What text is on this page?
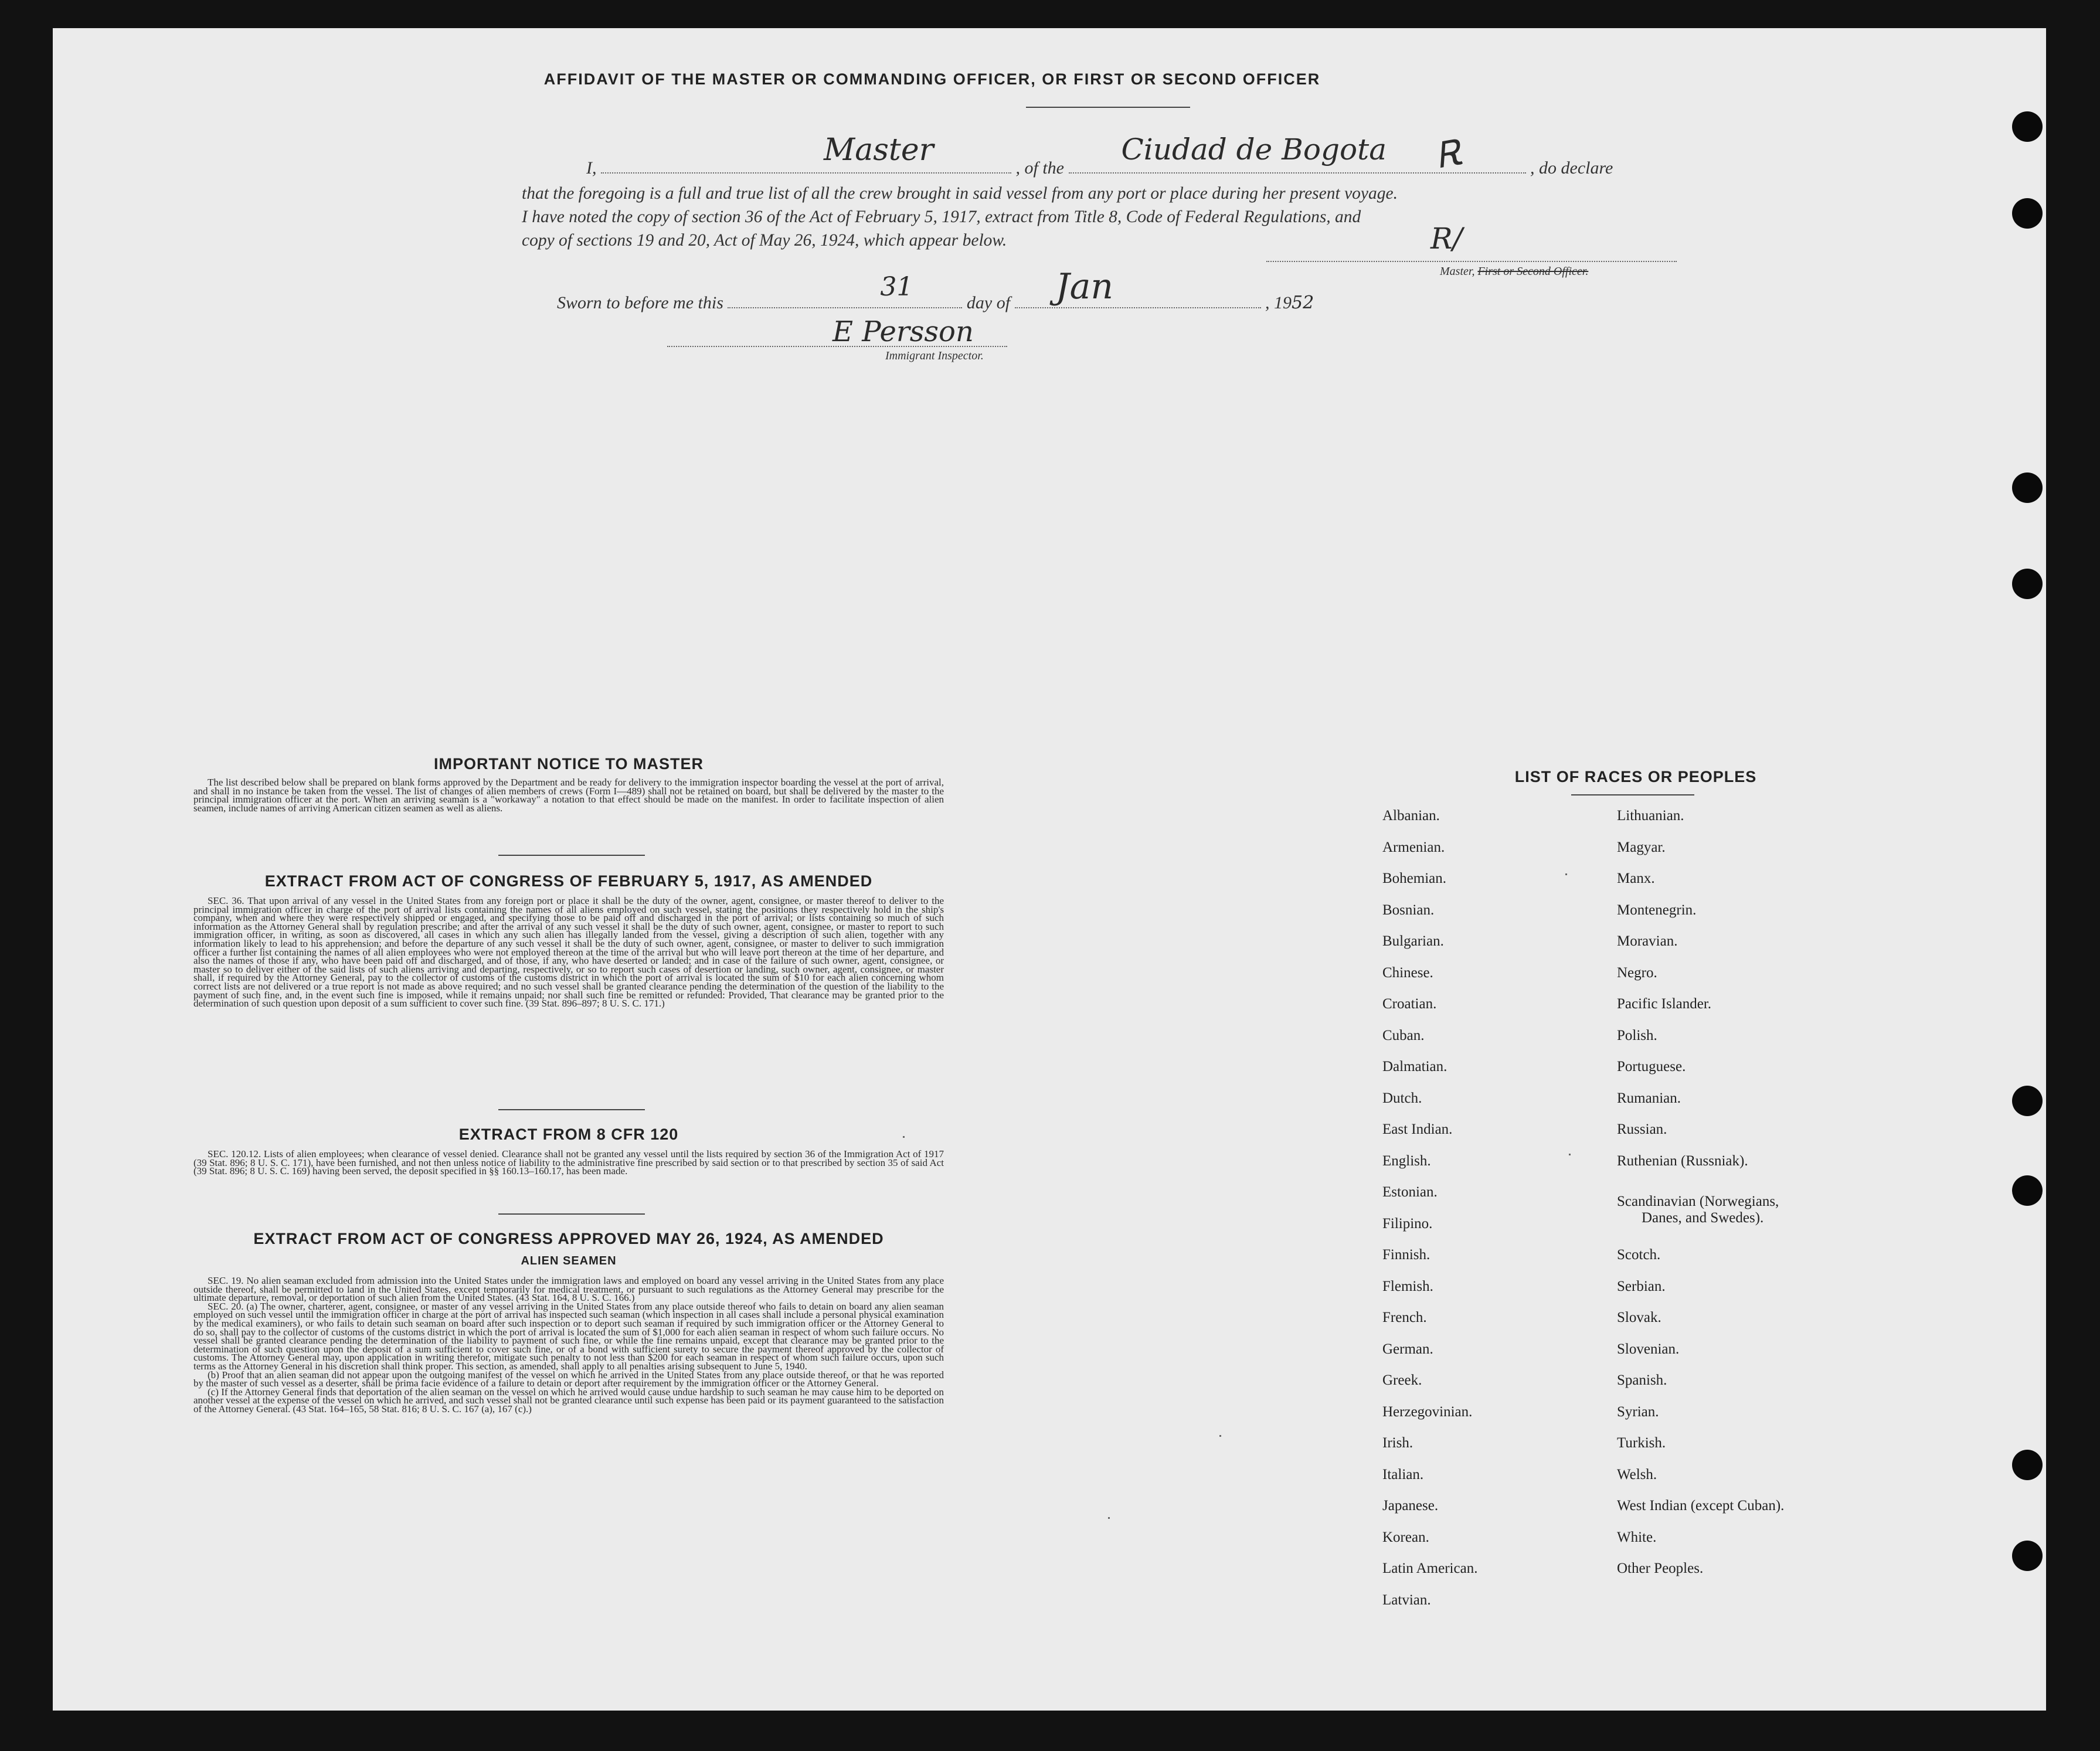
AFFIDAVIT OF THE MASTER OR COMMANDING OFFICER, OR FIRST OR SECOND OFFICER
I,
Master
, of the
Ciudad de Bogota
, do declare
that the foregoing is a full and true list of all the crew brought in said vessel from any port or place during her present voyage.
I have noted the copy of section 36 of the Act of February 5, 1917, extract from Title 8, Code of Federal Regulations, and
copy of sections 19 and 20, Act of May 26, 1924, which appear below.
Ꭱ
R∕
Master, First or Second Officer.
Sworn to before me this
31
day of Jan	, 1952
E Persson
Immigrant Inspector.
IMPORTANT NOTICE TO MASTER

The list described below shall be prepared on blank forms approved by the Department and be ready for delivery to the immigration inspector boarding the vessel at the port of arrival, and shall in no instance be taken from the vessel. The list of changes of alien members of crews (Form I—489) shall not be retained on board, but shall be delivered by the master to the principal immigration officer at the port. When an arriving seaman is a "workaway" a notation to that effect should be made on the manifest. In order to facilitate inspection of alien seamen, include names of arriving American citizen seamen as well as aliens.

EXTRACT FROM ACT OF CONGRESS OF FEBRUARY 5, 1917, AS AMENDED

SEC. 36. That upon arrival of any vessel in the United States from any foreign port or place it shall be the duty of the owner, agent, consignee, or master thereof to deliver to the principal immigration officer in charge of the port of arrival lists containing the names of all aliens employed on such vessel, stating the positions they respectively hold in the ship's company, when and where they were respectively shipped or engaged, and specifying those to be paid off and discharged in the port of arrival; or lists containing so much of such information as the Attorney General shall by regulation prescribe; and after the arrival of any such vessel it shall be the duty of such owner, agent, consignee, or master to report to such immigration officer, in writing, as soon as discovered, all cases in which any such alien has illegally landed from the vessel, giving a description of such alien, together with any information likely to lead to his apprehension; and before the departure of any such vessel it shall be the duty of such owner, agent, consignee, or master to deliver to such immigration officer a further list containing the names of all alien employees who were not employed thereon at the time of the arrival but who will leave port thereon at the time of her departure, and also the names of those if any, who have been paid off and discharged, and of those, if any, who have deserted or landed; and in case of the failure of such owner, agent, consignee, or master so to deliver either of the said lists of such aliens arriving and departing, respectively, or so to report such cases of desertion or landing, such owner, agent, consignee, or master shall, if required by the Attorney General, pay to the collector of customs of the customs district in which the port of arrival is located the sum of $10 for each alien concerning whom correct lists are not delivered or a true report is not made as above required; and no such vessel shall be granted clearance pending the determination of the question of the liability to the payment of such fine, and, in the event such fine is imposed, while it remains unpaid; nor shall such fine be remitted or refunded: Provided, That clearance may be granted prior to the determination of such question upon deposit of a sum sufficient to cover such fine. (39 Stat. 896–897; 8 U. S. C. 171.)

EXTRACT FROM 8 CFR 120

SEC. 120.12. Lists of alien employees; when clearance of vessel denied. Clearance shall not be granted any vessel until the lists required by section 36 of the Immigration Act of 1917 (39 Stat. 896; 8 U. S. C. 171), have been furnished, and not then unless notice of liability to the administrative fine prescribed by said section or to that prescribed by section 35 of said Act (39 Stat. 896; 8 U. S. C. 169) having been served, the deposit specified in §§ 160.13–160.17, has been made.

EXTRACT FROM ACT OF CONGRESS APPROVED MAY 26, 1924, AS AMENDED
ALIEN SEAMEN

SEC. 19. No alien seaman excluded from admission into the United States under the immigration laws and employed on board any vessel arriving in the United States from any place outside thereof, shall be permitted to land in the United States, except temporarily for medical treatment, or pursuant to such regulations as the Attorney General may prescribe for the ultimate departure, removal, or deportation of such alien from the United States. (43 Stat. 164, 8 U. S. C. 166.)

SEC. 20. (a) The owner, charterer, agent, consignee, or master of any vessel arriving in the United States from any place outside thereof who fails to detain on board any alien seaman employed on such vessel until the immigration officer in charge at the port of arrival has inspected such seaman (which inspection in all cases shall include a personal physical examination by the medical examiners), or who fails to detain such seaman on board after such inspection or to deport such seaman if required by such immigration officer or the Attorney General to do so, shall pay to the collector of customs of the customs district in which the port of arrival is located the sum of $1,000 for each alien seaman in respect of whom such failure occurs. No vessel shall be granted clearance pending the determination of the liability to payment of such fine, or while the fine remains unpaid, except that clearance may be granted prior to the determination of such question upon the deposit of a sum sufficient to cover such fine, or of a bond with sufficient surety to secure the payment thereof approved by the collector of customs. The Attorney General may, upon application in writing therefor, mitigate such penalty to not less than $200 for each seaman in respect of whom such failure occurs, upon such terms as the Attorney General in his discretion shall think proper. This section, as amended, shall apply to all penalties arising subsequent to June 5, 1940.

(b) Proof that an alien seaman did not appear upon the outgoing manifest of the vessel on which he arrived in the United States from any place outside thereof, or that he was reported by the master of such vessel as a deserter, shall be prima facie evidence of a failure to detain or deport after requirement by the immigration officer or the Attorney General.

(c) If the Attorney General finds that deportation of the alien seaman on the vessel on which he arrived would cause undue hardship to such seaman he may cause him to be deported on another vessel at the expense of the vessel on which he arrived, and such vessel shall not be granted clearance until such expense has been paid or its payment guaranteed to the satisfaction of the Attorney General. (43 Stat. 164–165, 58 Stat. 816; 8 U. S. C. 167 (a), 167 (c).)

LIST OF RACES OR PEOPLES
Albanian.
Armenian.
Bohemian.
Bosnian.
Bulgarian.
Chinese.
Croatian.
Cuban.
Dalmatian.
Dutch.
East Indian.
English.
Estonian.
Filipino.
Finnish.
Flemish.
French.
German.
Greek.
Herzegovinian.
Irish.
Italian.
Japanese.
Korean.
Latin American.
Latvian.
Lithuanian.
Magyar.
Manx.
Montenegrin.
Moravian.
Negro.
Pacific Islander.
Polish.
Portuguese.
Rumanian.
Russian.
Ruthenian (Russniak).
Scandinavian (Norwegians,
Danes, and Swedes).
Scotch.
Serbian.
Slovak.
Slovenian.
Spanish.
Syrian.
Turkish.
Welsh.
West Indian (except Cuban).
White.
Other Peoples.
